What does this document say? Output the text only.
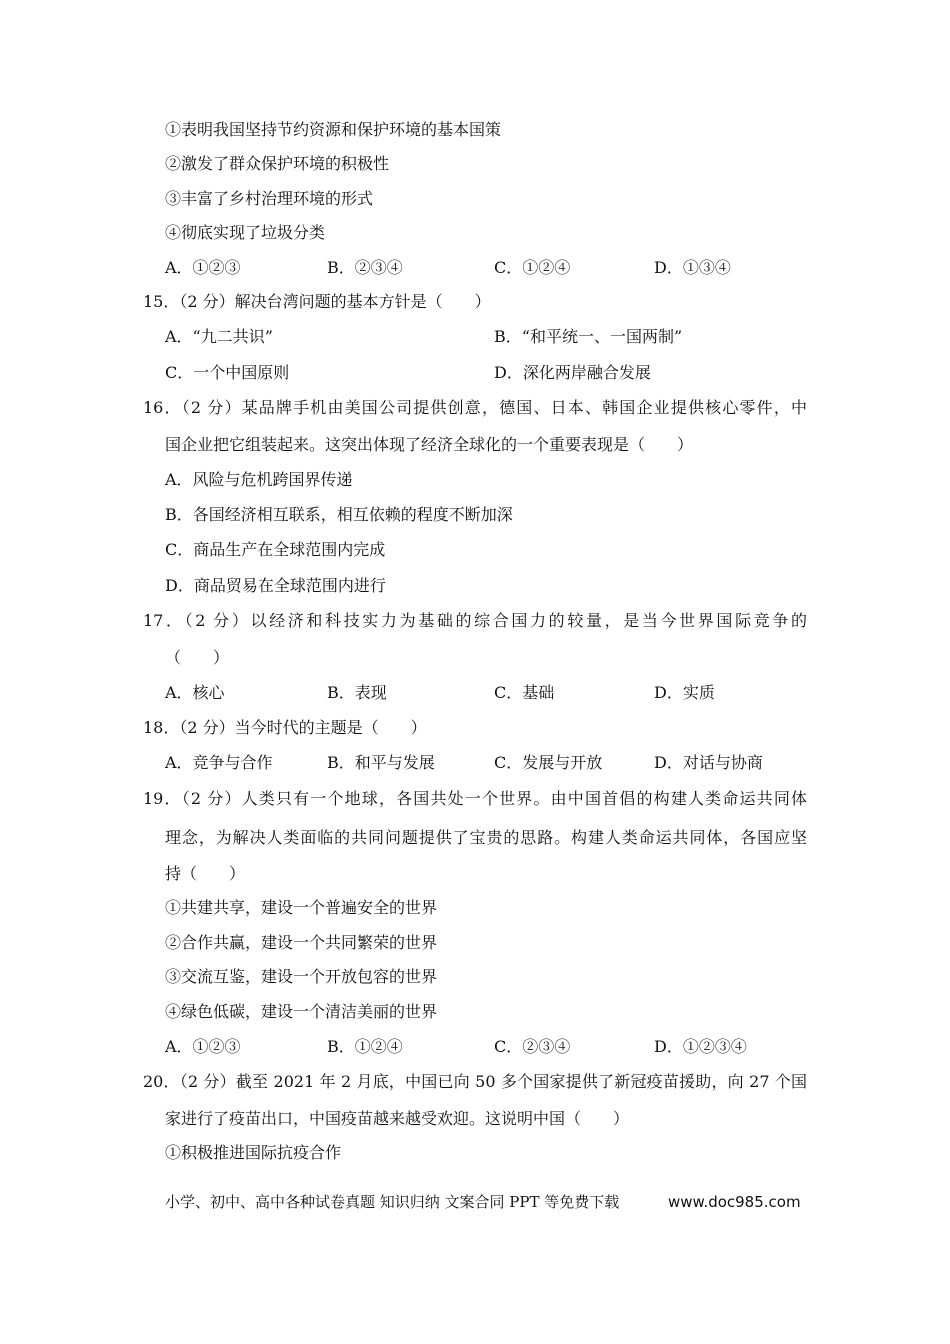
①表明我国坚持节约资源和保护环境的基本国策
②激发了群众保护环境的积极性
③丰富了乡村治理环境的形式
④彻底实现了垃圾分类
A．①②③	B．②③④	C．①②④	D．①③④
15．（2 分）解决台湾问题的基本方针是（　　）
A．“九二共识”	B．“和平统一、一国两制”
C．一个中国原则	D．深化两岸融合发展
16．（2 分）某品牌手机由美国公司提供创意，德国、日本、韩国企业提供核心零件，中
国企业把它组装起来。这突出体现了经济全球化的一个重要表现是（　　）
A．风险与危机跨国界传递
B．各国经济相互联系，相互依赖的程度不断加深
C．商品生产在全球范围内完成
D．商品贸易在全球范围内进行
17．（2 分）以经济和科技实力为基础的综合国力的较量，是当今世界国际竞争的
（　　）
A．核心	B．表现	C．基础	D．实质
18．（2 分）当今时代的主题是（　　）
A．竞争与合作	B．和平与发展	C．发展与开放	D．对话与协商
19．（2 分）人类只有一个地球，各国共处一个世界。由中国首倡的构建人类命运共同体
理念，为解决人类面临的共同问题提供了宝贵的思路。构建人类命运共同体，各国应坚
持（　　）
①共建共享，建设一个普遍安全的世界
②合作共赢，建设一个共同繁荣的世界
③交流互鉴，建设一个开放包容的世界
④绿色低碳，建设一个清洁美丽的世界
A．①②③	B．①②④	C．②③④	D．①②③④
20．（2 分）截至 2021 年 2 月底，中国已向 50 多个国家提供了新冠疫苗援助，向 27 个国
家进行了疫苗出口，中国疫苗越来越受欢迎。这说明中国（　　）
①积极推进国际抗疫合作
小学、初中、高中各种试卷真题 知识归纳 文案合同 PPT 等免费下载	www.doc985.com
